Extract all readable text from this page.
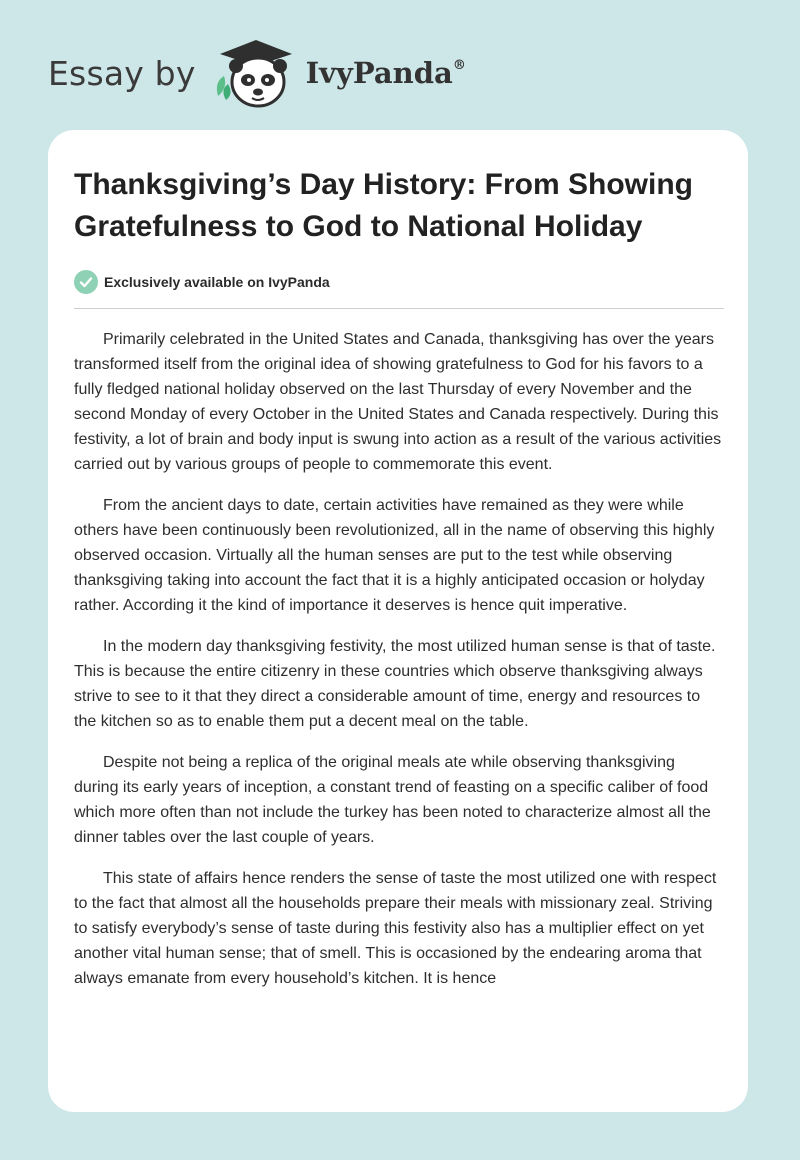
Essay by	IvyPanda®
Thanksgiving’s Day History: From Showing Gratefulness to God to National Holiday
Exclusively available on IvyPanda

Primarily celebrated in the United States and Canada, thanksgiving has over the years transformed itself from the original idea of showing gratefulness to God for his favors to a fully fledged national holiday observed on the last Thursday of every November and the second Monday of every October in the United States and Canada respectively. During this festivity, a lot of brain and body input is swung into action as a result of the various activities carried out by various groups of people to commemorate this event.

From the ancient days to date, certain activities have remained as they were while others have been continuously been revolutionized, all in the name of observing this highly observed occasion. Virtually all the human senses are put to the test while observing thanksgiving taking into account the fact that it is a highly anticipated occasion or holyday rather. According it the kind of importance it deserves is hence quit imperative.

In the modern day thanksgiving festivity, the most utilized human sense is that of taste. This is because the entire citizenry in these countries which observe thanksgiving always strive to see to it that they direct a considerable amount of time, energy and resources to the kitchen so as to enable them put a decent meal on the table.

Despite not being a replica of the original meals ate while observing thanksgiving during its early years of inception, a constant trend of feasting on a specific caliber of food which more often than not include the turkey has been noted to characterize almost all the dinner tables over the last couple of years.

This state of affairs hence renders the sense of taste the most utilized one with respect to the fact that almost all the households prepare their meals with missionary zeal. Striving to satisfy everybody’s sense of taste during this festivity also has a multiplier effect on yet another vital human sense; that of smell. This is occasioned by the endearing aroma that always emanate from every household’s kitchen. It is hence
